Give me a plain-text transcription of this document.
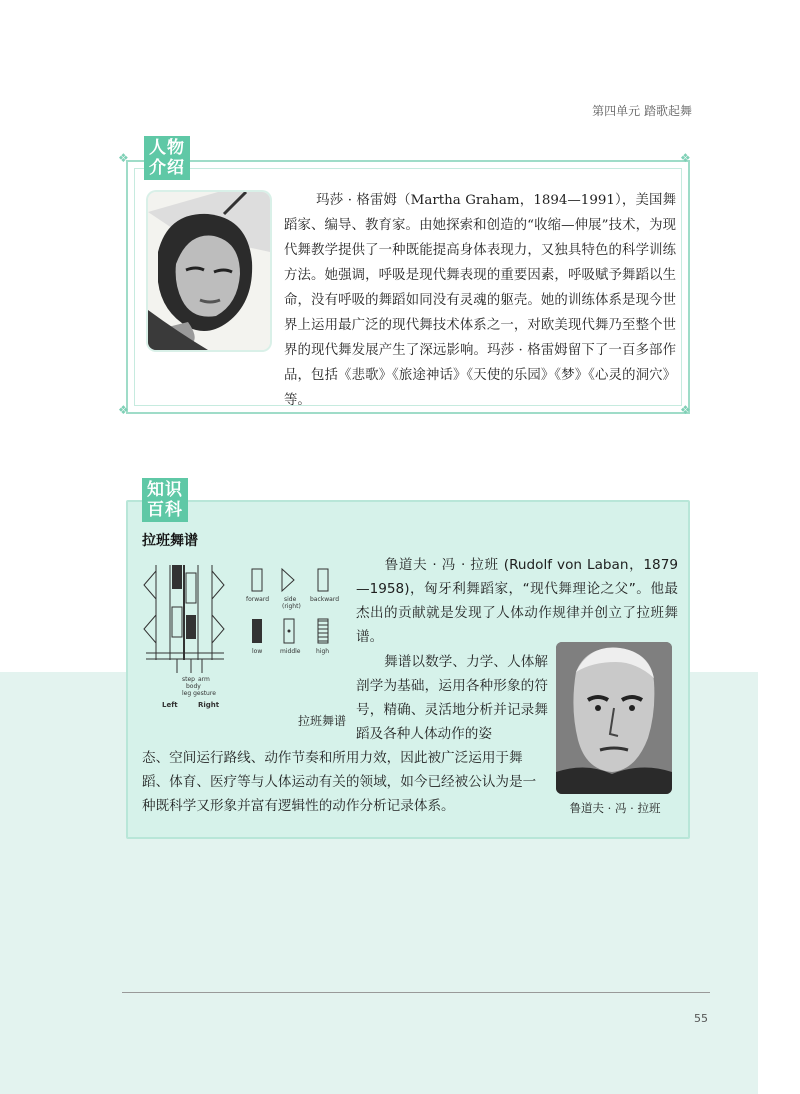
第四单元 踏歌起舞
❖	❖
❖	❖
人物
介绍
玛莎 · 格雷姆（Martha Graham，1894—1991），美国舞蹈家、编导、教育家。由她探索和创造的“收缩—伸展”技术，为现代舞教学提供了一种既能提高身体表现力，又独具特色的科学训练方法。她强调，呼吸是现代舞表现的重要因素，呼吸赋予舞蹈以生命，没有呼吸的舞蹈如同没有灵魂的躯壳。她的训练体系是现今世界上运用最广泛的现代舞技术体系之一，对欧美现代舞乃至整个世界的现代舞发展产生了深远影响。玛莎 · 格雷姆留下了一百多部作品，包括《悲歌》《旅途神话》《天使的乐园》《梦》《心灵的洞穴》等。
知识
百科
拉班舞谱
step arm
body
leg gesture
Left	Right
forward side
(right)
backward
low	middle	high
拉班舞谱
鲁道夫 · 冯 · 拉班 (Rudolf von Laban，1879—1958)，匈牙利舞蹈家，“现代舞理论之父”。他最杰出的贡献就是发现了人体动作规律并创立了拉班舞谱。
舞谱以数学、力学、人体解剖学为基础，运用各种形象的符号，精确、灵活地分析并记录舞蹈及各种人体动作的姿
态、空间运行路线、动作节奏和所用力效，因此被广泛运用于舞蹈、体育、医疗等与人体运动有关的领域，如今已经被公认为是一种既科学又形象并富有逻辑性的动作分析记录体系。	鲁道夫 · 冯 · 拉班
55
